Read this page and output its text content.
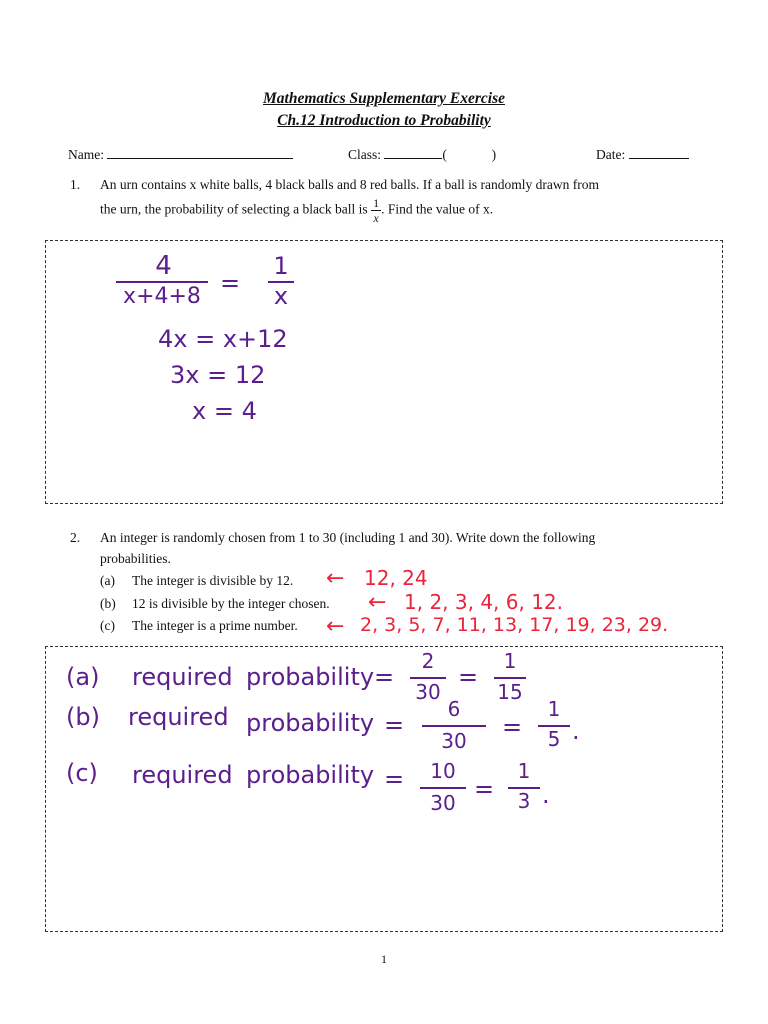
Mathematics Supplementary Exercise
Ch.12 Introduction to Probability
Name:	Class:	(	)	Date:
1. An urn contains x white balls, 4 black balls and 8 red balls. If a ball is randomly drawn from
the urn, the probability of selecting a black ball is $\frac{1}{x}$ . Find the value of x.
4
x+4+8 =
1
x
4x = x+12
3x = 12
x = 4
2. An integer is randomly chosen from 1 to 30 (including 1 and 30). Write down the following
probabilities.
(a) The integer is divisible by 12. ← 12, 24
(b) 12 is divisible by the integer chosen. ← 1, 2, 3, 4, 6, 12.
(c) The integer is a prime number. ← 2, 3, 5, 7, 11, 13, 17, 19, 23, 29.
(a) required probability =
2
30
=
1
15
(b) required probability =
6
30	=
1
5 .
(c) required probability =	10
30 =
1
3 .
1
